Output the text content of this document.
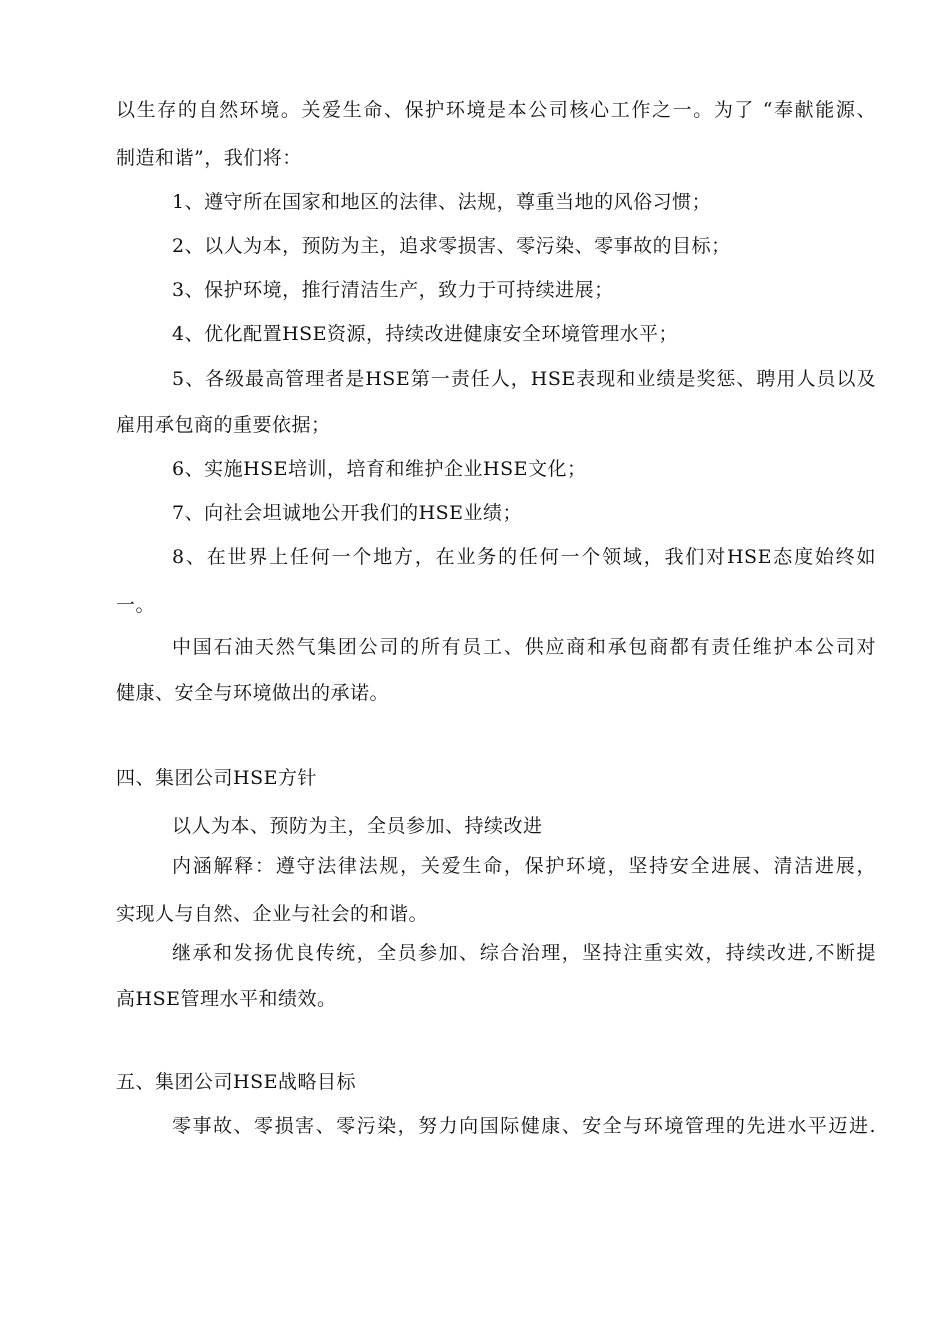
以生存的自然环境。关爱生命、保护环境是本公司核心工作之一。为了 “奉献能源、
制造和谐”，我们将：
1、遵守所在国家和地区的法律、法规，尊重当地的风俗习惯；
2、以人为本，预防为主，追求零损害、零污染、零事故的目标；
3、保护环境，推行清洁生产，致力于可持续进展；
4、优化配置HSE资源，持续改进健康安全环境管理水平；
5、各级最高管理者是HSE第一责任人，HSE表现和业绩是奖惩、聘用人员以及
雇用承包商的重要依据；
6、实施HSE培训，培育和维护企业HSE文化；
7、向社会坦诚地公开我们的HSE业绩；
8、在世界上任何一个地方，在业务的任何一个领域，我们对HSE态度始终如
一。
中国石油天然气集团公司的所有员工、供应商和承包商都有责任维护本公司对
健康、安全与环境做出的承诺。
四、集团公司HSE方针
以人为本、预防为主，全员参加、持续改进
内涵解释：遵守法律法规，关爱生命，保护环境，坚持安全进展、清洁进展，
实现人与自然、企业与社会的和谐。
继承和发扬优良传统，全员参加、综合治理，坚持注重实效，持续改进,不断提
高HSE管理水平和绩效。
五、集团公司HSE战略目标
零事故、零损害、零污染，努力向国际健康、安全与环境管理的先进水平迈进.
